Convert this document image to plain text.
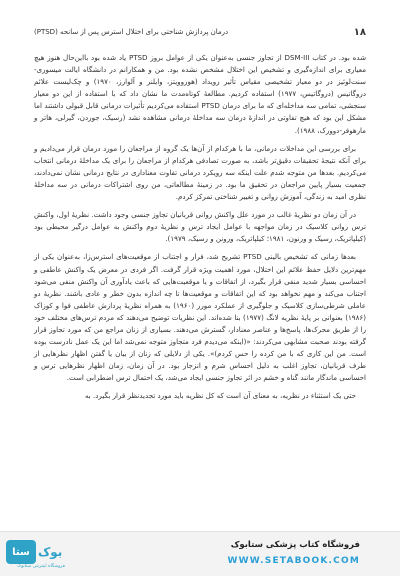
۱۸
درمان پردازش شناختی برای اختلال استرس پس از سانحه (PTSD)

شده بود. در کتاب DSM-III از تجاوز جنسی به‌عنوان یکی از عوامل بروز PTSD یاد شده بود با‌این‌حال هنوز هیچ معیاری برای اندازه‌گیری و تشخیص این اختلال مشخص نشده بود. من و همکارانم در دانشگاه ایالت میسوری- سنت‌لوئیز در دو معیار تشخیصی مقیاس تأثیر رویداد (هوروویتز، وایلنر و آلوارز، ۱۹۷۰) و چک‌لیست علائم دروگاتیس (دروگاتیس، ۱۹۷۷) استفاده کردیم. مطالعهٔ کوتاه‌مدت ما نشان داد که با استفاده از این دو معیار سنجشی، تمامی سه مداخله‌ای که ما برای درمان PTSD استفاده می‌کردیم تأثیرات درمانی قابل قبولی داشتند اما مشکل این بود که هیچ تفاوتی در اندازهٔ درمان سه مداخلهٔ درمانی مشاهده نشد (رسیک، جوردن، گیرلی، هاتر و مارهوفر-دوورک، ۱۹۸۸).

برای بررسی این مداخلات درمانی، ما با هرکدام از آن‌ها یک گروه از مراجعان را مورد درمان قرار می‌دادیم و برای آنکه نتیجهٔ تحقیقات دقیق‌تر باشد، به صورت تصادفی هرکدام از مراجعان را برای یک مداخلهٔ درمانی انتخاب می‌کردیم. بعدها من متوجه شدم علت اینکه سه رویکرد درمانی تفاوت معناداری در نتایج درمانی نشان نمی‌دادند، جمعیت بسیار پایین مراجعان در تحقیق ما بود. در زمینهٔ مطالعاتی، من روی اشتراکات درمانی در سه مداخلهٔ نظری امید به زندگی، آموزش روانی و تغییر شناختی تمرکز کردم.

در آن زمان دو نظریهٔ غالب در مورد علل واکنش روانی قربانیان تجاوز جنسی وجود داشت. نظریهٔ اول، واکنش ترس روانی کلاسیک در زمان مواجهه با عوامل ایجاد ترس و نظریهٔ دوم واکنش به عوامل درگیر محیطی بود (کیلپاتریک، رسیک و ورنون، ۱۹۸۱؛ کیلپاتریک، ورونن و رسیک، ۱۹۷۹).

بعدها زمانی که تشخیص بالینی PTSD تشریح شد، فرار و اجتناب از موقعیت‌های استرس‌زا، به‌عنوان یکی از مهم‌ترین دلایل حفظ علائم این اختلال، مورد اهمیت ویژه قرار گرفت. اگر فردی در معرض یک واکنش عاطفی و احساسی بسیار شدید منفی قرار بگیرد، از اتفاقات و یا موقعیت‌هایی که باعث یادآوری آن واکنش منفی می‌شود اجتناب می‌کند و مهم نخواهد بود که این اتفاقات و موقعیت‌ها تا چه اندازه بدون خطر و عادی باشند. نظریهٔ دو عاملی شرطی‌سازی کلاسیک و جلوگیری از عملکرد مورر (۱۹۶۰) به همراه نظریهٔ پردازش عاطفی فوا و کوزاک (۱۹۸۶) بعنوانی بر پایهٔ نظریه لانگ (۱۹۷۷) بنا شده‌اند. این نظریات توضیح می‌دهند که مردم ترس‌های مختلف خود را از طریق محرک‌ها، پاسخ‌ها و عناصر معنادار، گسترش می‌دهند. بسیاری از زنان مراجع من که مورد تجاوز قرار گرفته بودند صحبت مشابهی می‌کردند: «(اینکه می‌دیدم فرد متجاوز متوجه نمی‌شد اما این یک عمل نادرست بوده است. من این کاری که با من کرده را حس کردم)». یکی از دلایلی که زنان از بیان یا گفتن اظهار نظرهایی از طرف قربانیان، تجاوز اغلب به دلیل احساس شرم و انزجار بود. در آن زمان، زمان اظهار نظرهایی ترس و احساسی ماندگار مانند گناه و خشم در اثر تجاوز جنسی ایجاد می‌شد، یک احتمال ترس اضطرابی است.

حتی یک استثناء در نظریه، به معنای آن است که کل نظریه باید مورد تجدیدنظر قرار بگیرد. به

ستا بوک
فروشگاه اینترنتی ستابوک
فروشگاه کتاب پزشکی ستابوک
WWW.SETABOOK.COM
